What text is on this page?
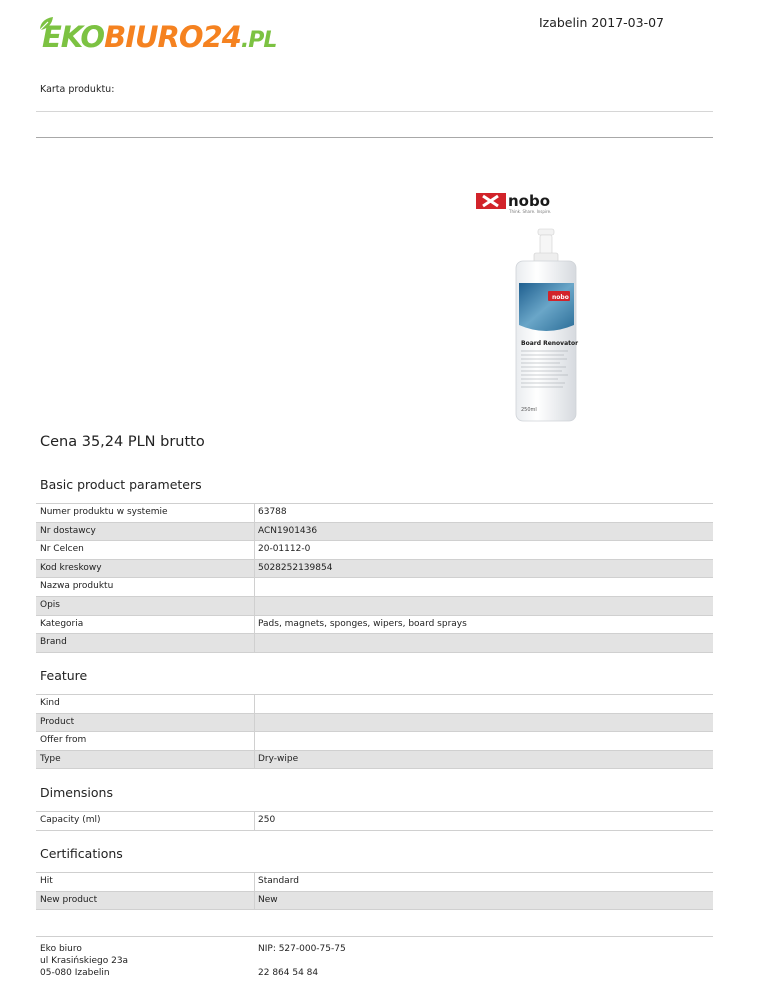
EKOBIURO24.PL
Izabelin 2017-03-07
Karta produktu:
nobo
Think. Share. Inspire.
nobo
Board Renovator
250ml
Cena 35,24 PLN brutto
Basic product parameters
Numer produktu w systemie	63788
Nr dostawcy	ACN1901436
Nr Celcen	20-01112-0
Kod kreskowy	5028252139854
Nazwa produktu
Opis
Kategoria	Pads, magnets, sponges, wipers, board sprays
Brand
Feature
Kind
Product
Offer from
Type	Dry-wipe
Dimensions
Capacity (ml)	250
Certifications
Hit	Standard
New product	New
Eko biuro
ul Krasińskiego 23a
05-080 Izabelin
NIP: 527-000-75-75
22 864 54 84
